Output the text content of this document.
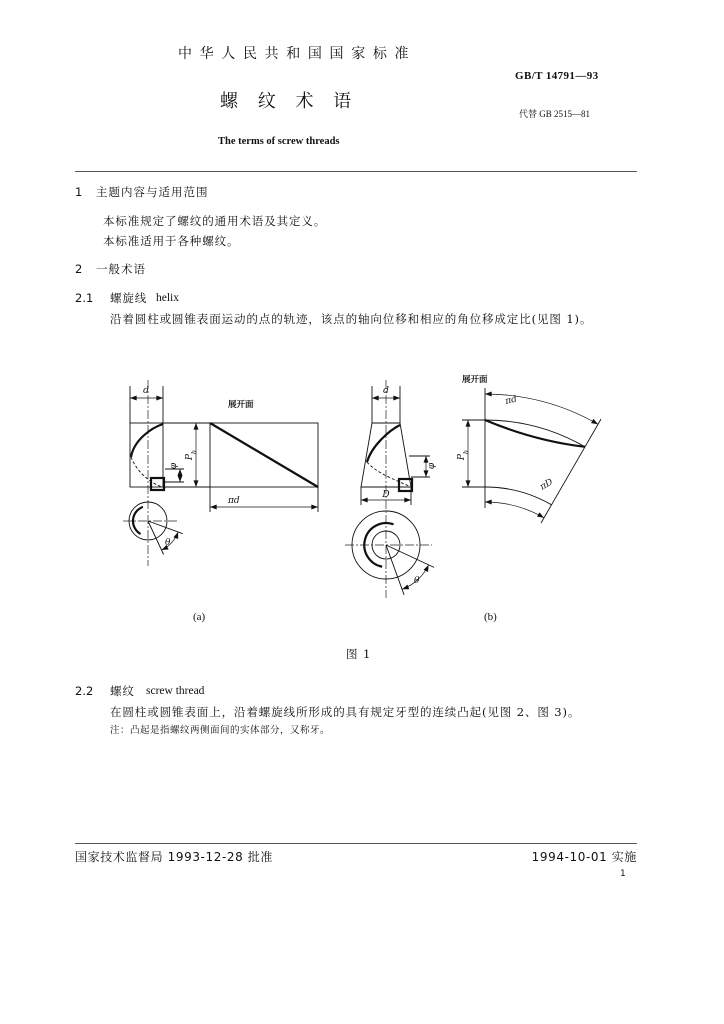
中 华 人 民 共 和 国 国 家 标 准
GB/T 14791—93
螺 纹 术 语
代替 GB 2515—81
The terms of screw threads
1 主题内容与适用范围
本标准规定了螺纹的通用术语及其定义。
本标准适用于各种螺纹。
2 一般术语
2.1 螺旋线 helix
沿着圆柱或圆锥表面运动的点的轨迹，该点的轴向位移和相应的角位移成定比(见图 1)。
d
$P_h$
φ
θ
展开面
πd
d
D
φ
θ
展开面
$P_h$
πd
πD
(a)	(b)
图 1
2.2 螺纹 screw thread
在圆柱或圆锥表面上，沿着螺旋线所形成的具有规定牙型的连续凸起(见图 2、图 3)。
注：凸起是指螺纹两侧面间的实体部分，又称牙。
国家技术监督局 1993-12-28 批准	1994-10-01 实施
1
